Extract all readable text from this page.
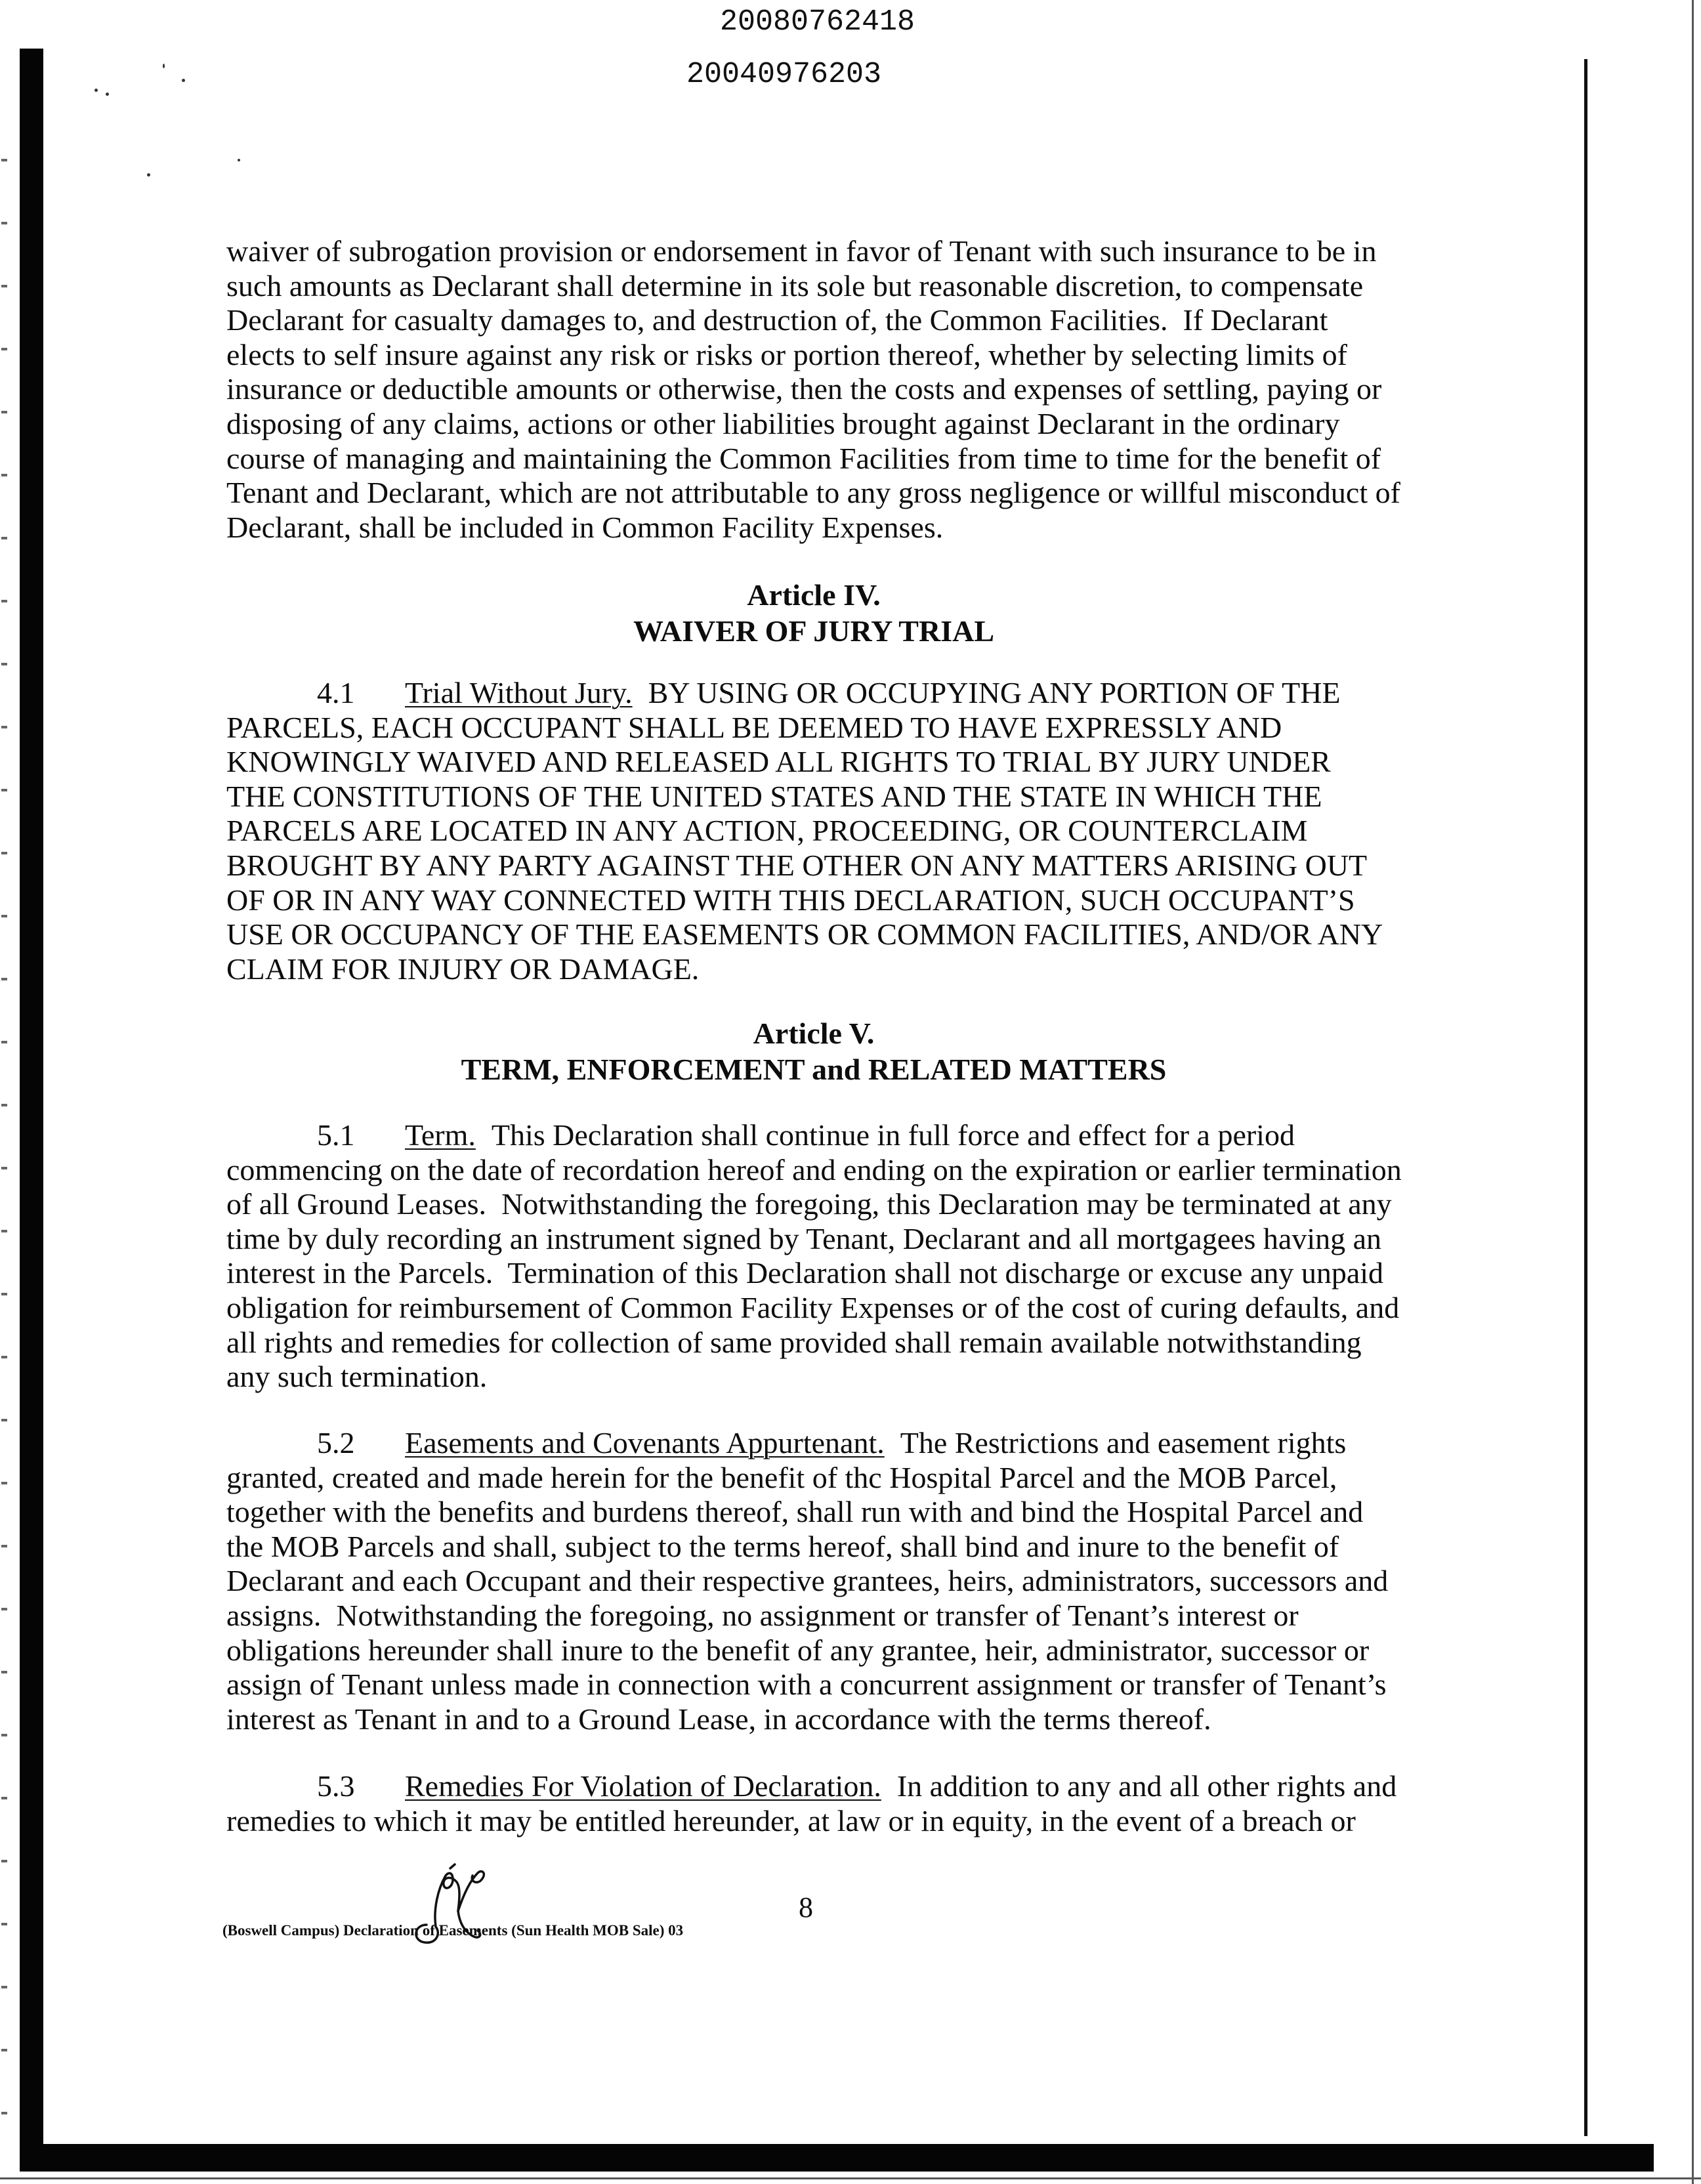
20080762418
20040976203
waiver of subrogation provision or endorsement in favor of Tenant with such insurance to be in
such amounts as Declarant shall determine in its sole but reasonable discretion, to compensate
Declarant for casualty damages to, and destruction of, the Common Facilities.  If Declarant
elects to self insure against any risk or risks or portion thereof, whether by selecting limits of
insurance or deductible amounts or otherwise, then the costs and expenses of settling, paying or
disposing of any claims, actions or other liabilities brought against Declarant in the ordinary
course of managing and maintaining the Common Facilities from time to time for the benefit of
Tenant and Declarant, which are not attributable to any gross negligence or willful misconduct of
Declarant, shall be included in Common Facility Expenses.
Article IV.
WAIVER OF JURY TRIAL
4.1 Trial Without Jury. BY USING OR OCCUPYING ANY PORTION OF THE
PARCELS, EACH OCCUPANT SHALL BE DEEMED TO HAVE EXPRESSLY AND
KNOWINGLY WAIVED AND RELEASED ALL RIGHTS TO TRIAL BY JURY UNDER
THE CONSTITUTIONS OF THE UNITED STATES AND THE STATE IN WHICH THE
PARCELS ARE LOCATED IN ANY ACTION, PROCEEDING, OR COUNTERCLAIM
BROUGHT BY ANY PARTY AGAINST THE OTHER ON ANY MATTERS ARISING OUT
OF OR IN ANY WAY CONNECTED WITH THIS DECLARATION, SUCH OCCUPANT’S
USE OR OCCUPANCY OF THE EASEMENTS OR COMMON FACILITIES, AND/OR ANY
CLAIM FOR INJURY OR DAMAGE.
Article V.
TERM, ENFORCEMENT and RELATED MATTERS
5.1 Term. This Declaration shall continue in full force and effect for a period
commencing on the date of recordation hereof and ending on the expiration or earlier termination
of all Ground Leases.  Notwithstanding the foregoing, this Declaration may be terminated at any
time by duly recording an instrument signed by Tenant, Declarant and all mortgagees having an
interest in the Parcels.  Termination of this Declaration shall not discharge or excuse any unpaid
obligation for reimbursement of Common Facility Expenses or of the cost of curing defaults, and
all rights and remedies for collection of same provided shall remain available notwithstanding
any such termination.
5.2 Easements and Covenants Appurtenant. The Restrictions and easement rights
granted, created and made herein for the benefit of thc Hospital Parcel and the MOB Parcel,
together with the benefits and burdens thereof, shall run with and bind the Hospital Parcel and
the MOB Parcels and shall, subject to the terms hereof, shall bind and inure to the benefit of
Declarant and each Occupant and their respective grantees, heirs, administrators, successors and
assigns.  Notwithstanding the foregoing, no assignment or transfer of Tenant’s interest or
obligations hereunder shall inure to the benefit of any grantee, heir, administrator, successor or
assign of Tenant unless made in connection with a concurrent assignment or transfer of Tenant’s
interest as Tenant in and to a Ground Lease, in accordance with the terms thereof.
5.3 Remedies For Violation of Declaration. In addition to any and all other rights and
remedies to which it may be entitled hereunder, at law or in equity, in the event of a breach or
8
(Boswell Campus) Declaration of Easements (Sun Health MOB Sale) 03
